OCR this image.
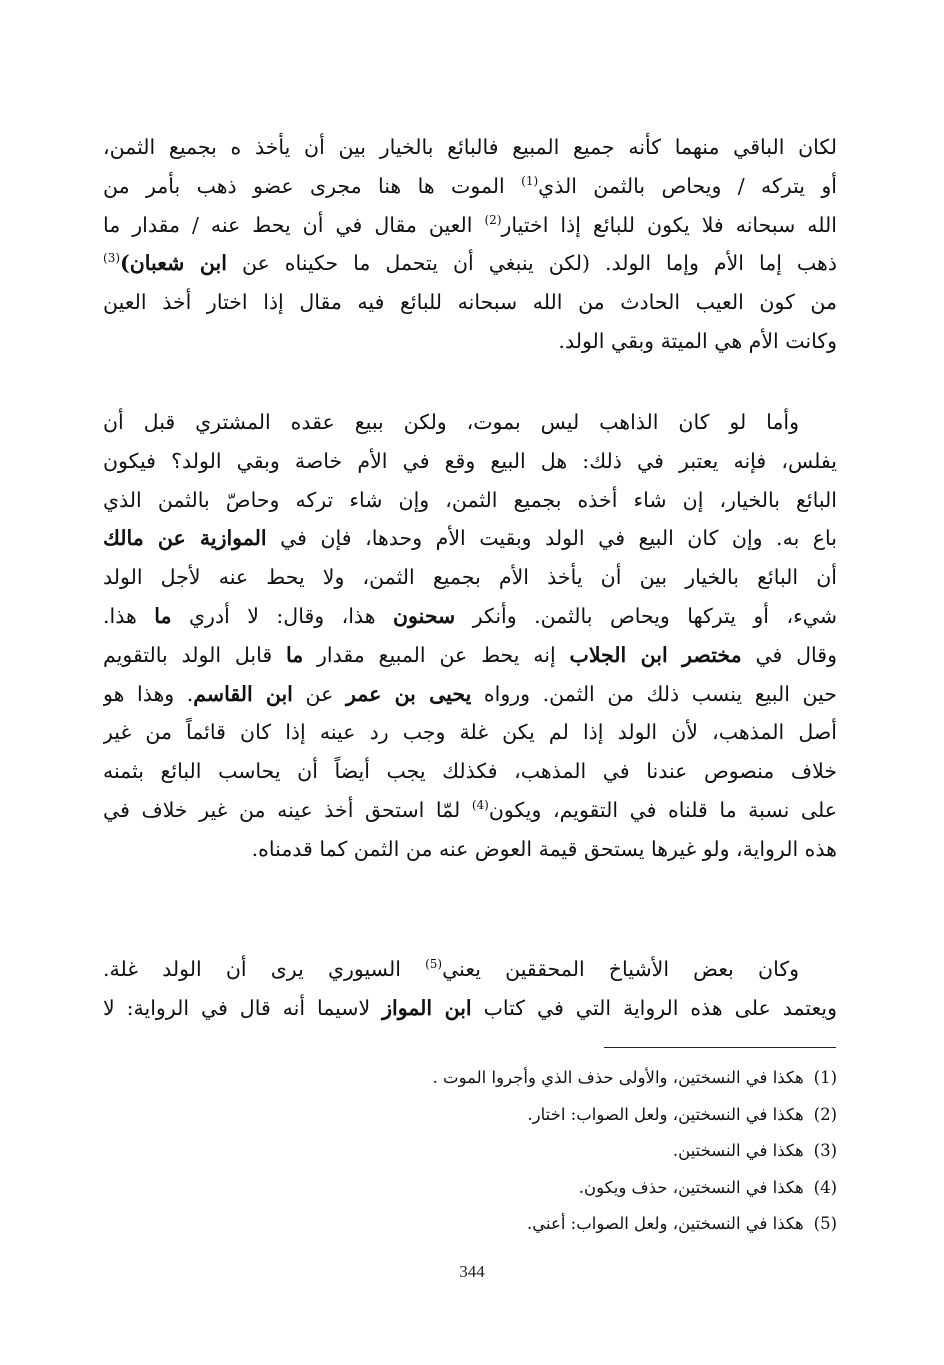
لكان الباقي منهما كأنه جميع المبيع فالبائع بالخيار بين أن يأخذ ه بجميع الثمن،
أو يتركه / ويحاص بالثمن الذي$^{(1)}$ الموت ها هنا مجرى عضو ذهب بأمر من
الله سبحانه فلا يكون للبائع إذا اختيار$^{(2)}$ العين مقال في أن يحط عنه / مقدار ما
ذهب إما الأم وإما الولد. (لكن ينبغي أن يتحمل ما حكيناه عن ابن شعبان)$^{(3)}$
من كون العيب الحادث من الله سبحانه للبائع فيه مقال إذا اختار أخذ العين
وكانت الأم هي الميتة وبقي الولد.
وأما لو كان الذاهب ليس بموت، ولكن ببيع عقده المشتري قبل أن
يفلس، فإنه يعتبر في ذلك: هل البيع وقع في الأم خاصة وبقي الولد؟ فيكون
البائع بالخيار، إن شاء أخذه بجميع الثمن، وإن شاء تركه وحاصّ بالثمن الذي
باع به. وإن كان البيع في الولد وبقيت الأم وحدها، فإن في الموازية عن مالك
أن البائع بالخيار بين أن يأخذ الأم بجميع الثمن، ولا يحط عنه لأجل الولد
شيء، أو يتركها ويحاص بالثمن. وأنكر سحنون هذا، وقال: لا أدري ما هذا.
وقال في مختصر ابن الجلاب إنه يحط عن المبيع مقدار ما قابل الولد بالتقويم
حين البيع ينسب ذلك من الثمن. ورواه يحيى بن عمر عن ابن القاسم. وهذا هو
أصل المذهب، لأن الولد إذا لم يكن غلة وجب رد عينه إذا كان قائماً من غير
خلاف منصوص عندنا في المذهب، فكذلك يجب أيضاً أن يحاسب البائع بثمنه
على نسبة ما قلناه في التقويم، ويكون$^{(4)}$ لمّا استحق أخذ عينه من غير خلاف في
هذه الرواية، ولو غيرها يستحق قيمة العوض عنه من الثمن كما قدمناه.
وكان بعض الأشياخ المحققين يعني$^{(5)}$ السيوري يرى أن الولد غلة.
ويعتمد على هذه الرواية التي في كتاب ابن المواز لاسيما أنه قال في الرواية: لا
(1) هكذا في النسختين، والأولى حذف الذي وأجروا الموت .
(2) هكذا في النسختين، ولعل الصواب: اختار.
(3) هكذا في النسختين.
(4) هكذا في النسختين، حذف ويكون.
(5) هكذا في النسختين، ولعل الصواب: أعني.
344
